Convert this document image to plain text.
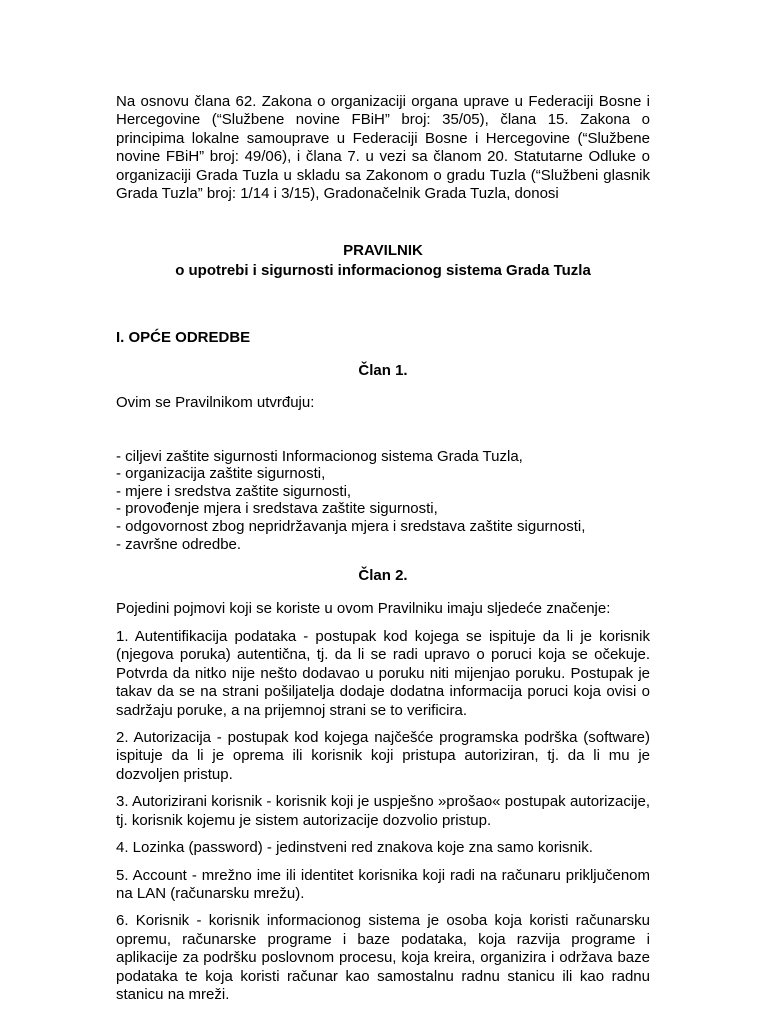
Na osnovu člana 62. Zakona o organizaciji organa uprave u Federaciji Bosne i Hercegovine (“Službene novine FBiH” broj: 35/05), člana 15. Zakona o principima lokalne samouprave u Federaciji Bosne i Hercegovine (“Službene novine FBiH” broj: 49/06), i člana 7. u vezi sa članom 20. Statutarne Odluke o organizaciji Grada Tuzla u skladu sa Zakonom o gradu Tuzla (“Službeni glasnik Grada Tuzla” broj: 1/14 i 3/15), Gradonačelnik Grada Tuzla, donosi

PRAVILNIK

o upotrebi i sigurnosti informacionog sistema Grada Tuzla

I. OPĆE ODREDBE

Član 1.

Ovim se Pravilnikom utvrđuju:

- ciljevi zaštite sigurnosti Informacionog sistema Grada Tuzla,
- organizacija zaštite sigurnosti,
- mjere i sredstva zaštite sigurnosti,
- provođenje mjera i sredstava zaštite sigurnosti,
- odgovornost zbog nepridržavanja mjera i sredstava zaštite sigurnosti,
- završne odredbe.

Član 2.

Pojedini pojmovi koji se koriste u ovom Pravilniku imaju sljedeće značenje:

1. Autentifikacija podataka - postupak kod kojega se ispituje da li je korisnik (njegova poruka) autentična, tj. da li se radi upravo o poruci koja se očekuje. Potvrda da nitko nije nešto dodavao u poruku niti mijenjao poruku. Postupak je takav da se na strani pošiljatelja dodaje dodatna informacija poruci koja ovisi o sadržaju poruke, a na prijemnoj strani se to verificira.

2. Autorizacija - postupak kod kojega najčešće programska podrška (software) ispituje da li je oprema ili korisnik koji pristupa autoriziran, tj. da li mu je dozvoljen pristup.

3. Autorizirani korisnik - korisnik koji je uspješno »prošao« postupak autorizacije, tj. korisnik kojemu je sistem autorizacije dozvolio pristup.

4. Lozinka (password) - jedinstveni red znakova koje zna samo korisnik.

5. Account - mrežno ime ili identitet korisnika koji radi na računaru priključenom na LAN (računarsku mrežu).

6. Korisnik - korisnik informacionog sistema je osoba koja koristi računarsku opremu, računarske programe i baze podataka, koja razvija programe i aplikacije za podršku poslovnom procesu, koja kreira, organizira i održava baze podataka te koja koristi računar kao samostalnu radnu stanicu ili kao radnu stanicu na mreži.
